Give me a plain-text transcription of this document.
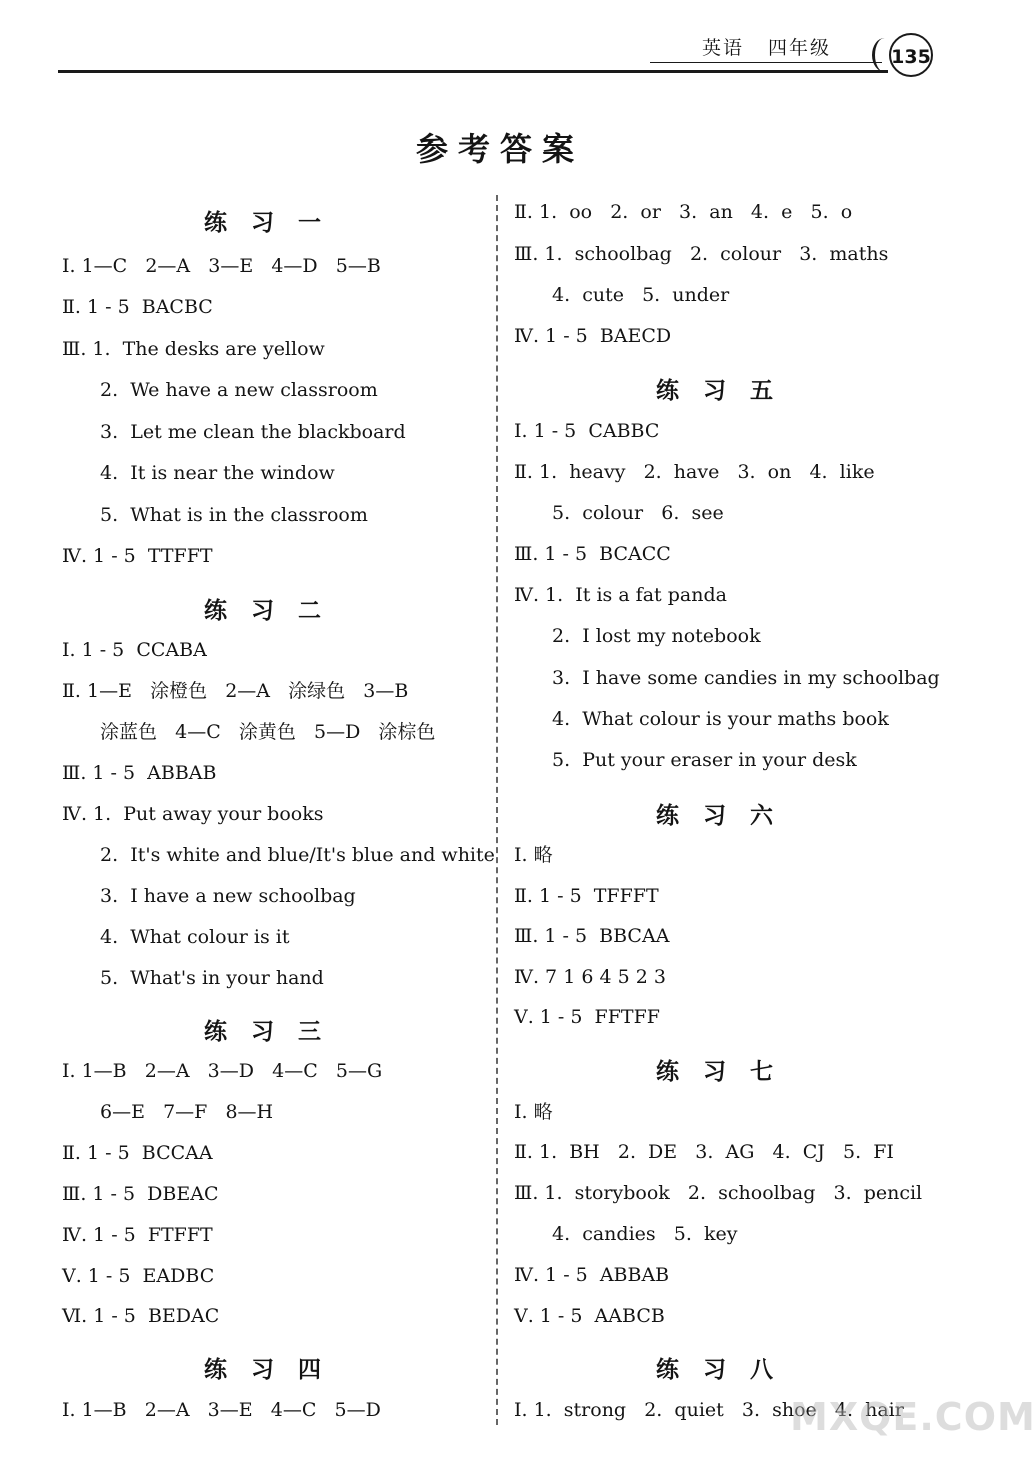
英语 四年级	135
参考答案
练习一
Ⅰ. 1—C   2—A   3—E   4—D   5—B
Ⅱ. 1 - 5  BACBC
Ⅲ. 1.  The desks are yellow
2.  We have a new classroom
3.  Let me clean the blackboard
4.  It is near the window
5.  What is in the classroom
Ⅳ. 1 - 5  TTFFT
练习二
Ⅰ. 1 - 5  CCABA
Ⅱ. 1—E   涂橙色   2—A   涂绿色   3—B
涂蓝色   4—C   涂黄色   5—D   涂棕色
Ⅲ. 1 - 5  ABBAB
Ⅳ. 1.  Put away your books
2.  It's white and blue/It's blue and white
3.  I have a new schoolbag
4.  What colour is it
5.  What's in your hand
练习三
Ⅰ. 1—B   2—A   3—D   4—C   5—G
6—E   7—F   8—H
Ⅱ. 1 - 5  BCCAA
Ⅲ. 1 - 5  DBEAC
Ⅳ. 1 - 5  FTFFT
Ⅴ. 1 - 5  EADBC
Ⅵ. 1 - 5  BEDAC
练习四
Ⅰ. 1—B   2—A   3—E   4—C   5—D
Ⅱ. 1.  oo   2.  or   3.  an   4.  e   5.  o
Ⅲ. 1.  schoolbag   2.  colour   3.  maths
4.  cute   5.  under
Ⅳ. 1 - 5  BAECD
练习五
Ⅰ. 1 - 5  CABBC
Ⅱ. 1.  heavy   2.  have   3.  on   4.  like
5.  colour   6.  see
Ⅲ. 1 - 5  BCACC
Ⅳ. 1.  It is a fat panda
2.  I lost my notebook
3.  I have some candies in my schoolbag
4.  What colour is your maths book
5.  Put your eraser in your desk
练习六
Ⅰ. 略
Ⅱ. 1 - 5  TFFFT
Ⅲ. 1 - 5  BBCAA
Ⅳ. 7 1 6 4 5 2 3
Ⅴ. 1 - 5  FFTFF
练习七
Ⅰ. 略
Ⅱ. 1.  BH   2.  DE   3.  AG   4.  CJ   5.  FI
Ⅲ. 1.  storybook   2.  schoolbag   3.  pencil
4.  candies   5.  key
Ⅳ. 1 - 5  ABBAB
Ⅴ. 1 - 5  AABCB
练习八
Ⅰ. 1.  strong   2.  quiet   3.  shoe   4.  hair
MXQE.COM
